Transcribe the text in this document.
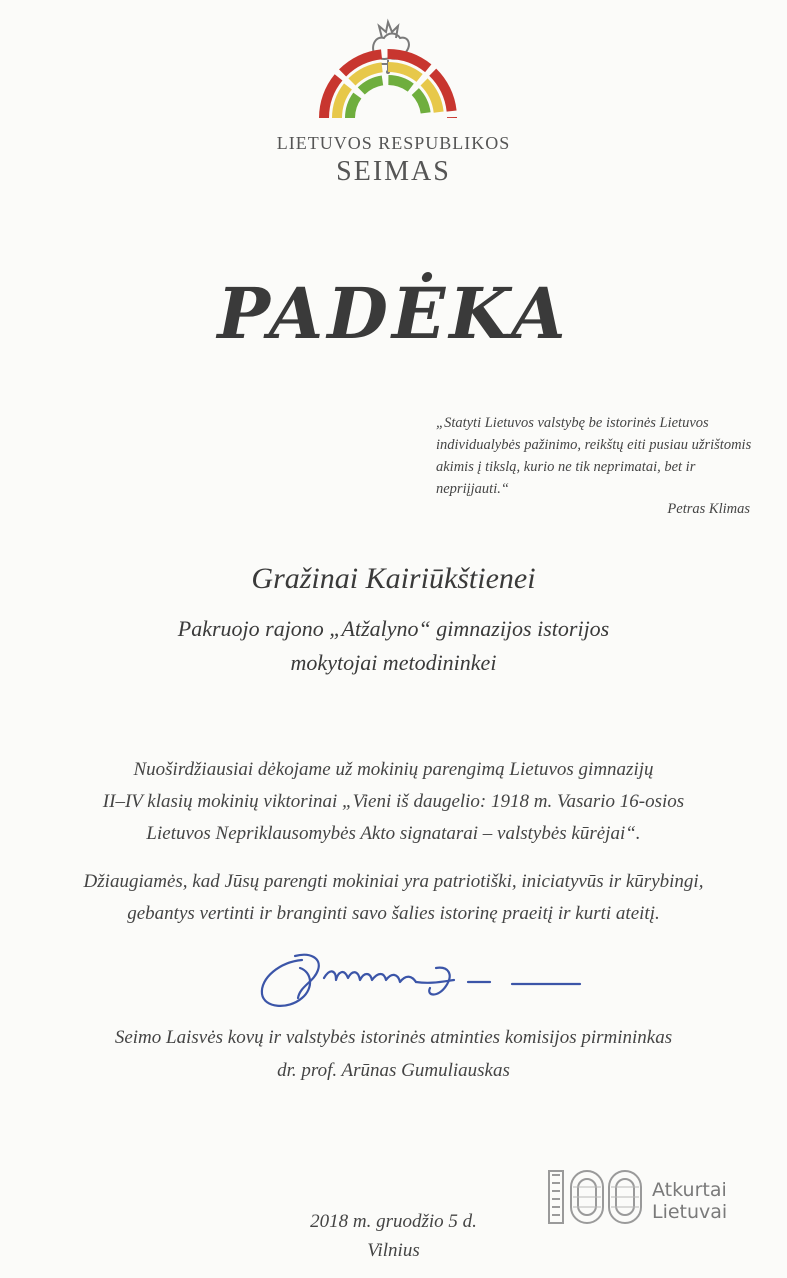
LIETUVOS RESPUBLIKOS
SEIMAS
PADĖKA
„Statyti Lietuvos valstybę be istorinės Lietuvos individualybės pažinimo, reikštų eiti pusiau užrištomis akimis į tikslą, kurio ne tik neprimatai, bet ir nepriįjauti.“
Petras Klimas
Gražinai Kairiūkštienei
Pakruojo rajono „Atžalyno“ gimnazijos istorijos
mokytojai metodininkei
Nuoširdžiausiai dėkojame už mokinių parengimą Lietuvos gimnazijų
II–IV klasių mokinių viktorinai „Vieni iš daugelio: 1918 m. Vasario 16-osios
Lietuvos Nepriklausomybės Akto signatarai – valstybės kūrėjai“.
Džiaugiamės, kad Jūsų parengti mokiniai yra patriotiški, iniciatyvūs ir kūrybingi,
gebantys vertinti ir branginti savo šalies istorinę praeitį ir kurti ateitį.
Seimo Laisvės kovų ir valstybės istorinės atminties komisijos pirmininkas
dr. prof. Arūnas Gumuliauskas
Atkurtai
Lietuvai
2018 m. gruodžio 5 d.
Vilnius
